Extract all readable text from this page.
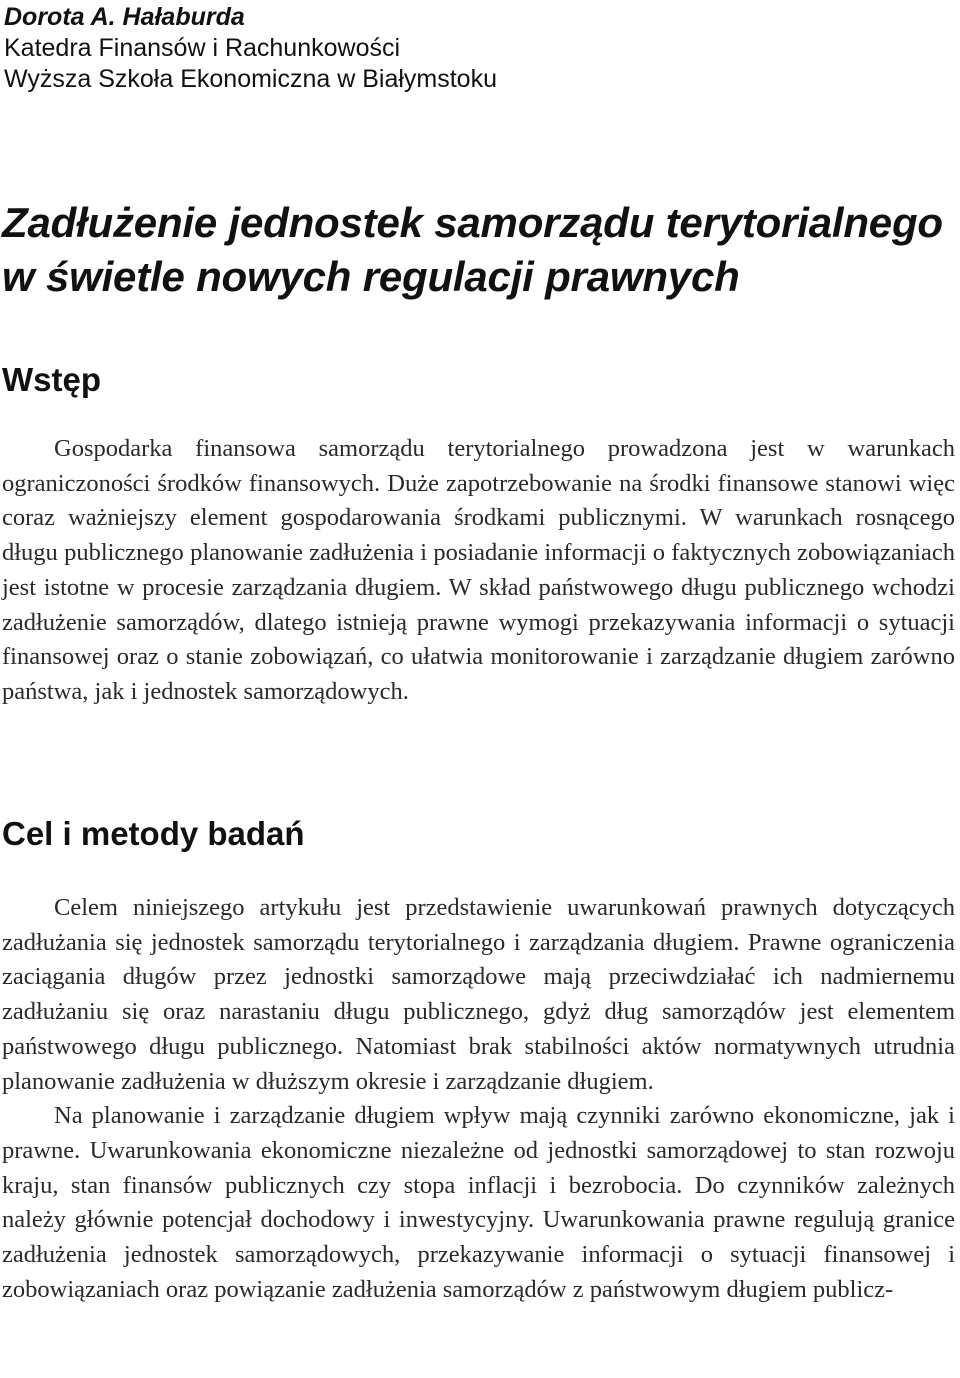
Dorota A. Hałaburda
Katedra Finansów i Rachunkowości
Wyższa Szkoła Ekonomiczna w Białymstoku
Zadłużenie jednostek samorządu terytorialnego w świetle nowych regulacji prawnych
Wstęp

Gospodarka finansowa samorządu terytorialnego prowadzona jest w warunkach ograniczoności środków finansowych. Duże zapotrzebowanie na środki finansowe stanowi więc coraz ważniejszy element gospodarowania środkami publicznymi. W warunkach rosnącego długu publicznego planowanie zadłużenia i posiadanie informacji o faktycznych zobowiązaniach jest istotne w procesie zarządzania długiem. W skład państwowego długu publicznego wchodzi zadłużenie samorządów, dlatego istnieją prawne wymogi przekazywania informacji o sytuacji finansowej oraz o stanie zobowiązań, co ułatwia monitorowanie i zarządzanie długiem zarówno państwa, jak i jednostek samorządowych.

Cel i metody badań

Celem niniejszego artykułu jest przedstawienie uwarunkowań prawnych dotyczących zadłużania się jednostek samorządu terytorialnego i zarządzania długiem. Prawne ograniczenia zaciągania długów przez jednostki samorządowe mają przeciwdziałać ich nadmiernemu zadłużaniu się oraz narastaniu długu publicznego, gdyż dług samorządów jest elementem państwowego długu publicznego. Natomiast brak stabilności aktów normatywnych utrudnia planowanie zadłużenia w dłuższym okresie i zarządzanie długiem.

Na planowanie i zarządzanie długiem wpływ mają czynniki zarówno ekonomiczne, jak i prawne. Uwarunkowania ekonomiczne niezależne od jednostki samorządowej to stan rozwoju kraju, stan finansów publicznych czy stopa inflacji i bezrobocia. Do czynników zależnych należy głównie potencjał dochodowy i inwestycyjny. Uwarunkowania prawne regulują granice zadłużenia jednostek samorządowych, przekazywanie informacji o sytuacji finansowej i zobowiązaniach oraz powiązanie zadłużenia samorządów z państwowym długiem publicz-
